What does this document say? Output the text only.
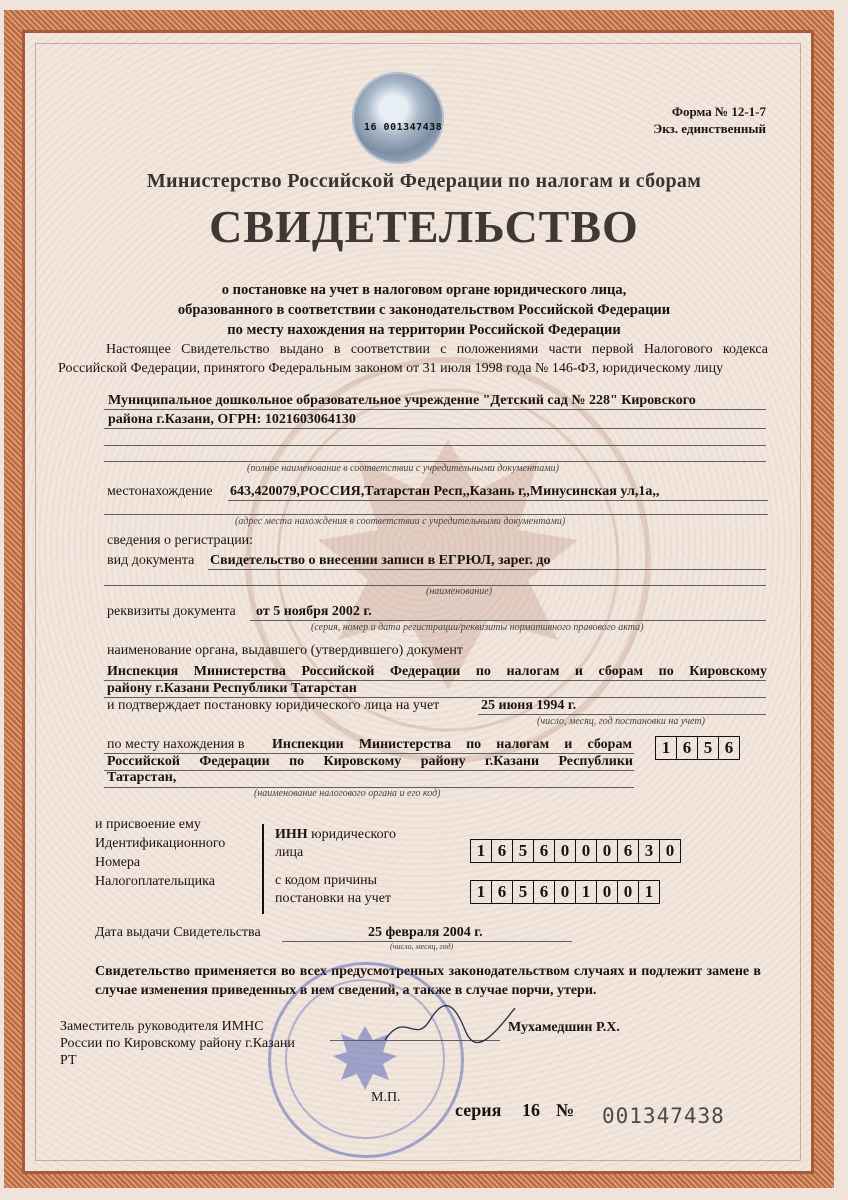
16 001347438
Форма № 12-1-7
Экз. единственный
Министерство Российской Федерации по налогам и сборам
СВИДЕТЕЛЬСТВО
о постановке на учет в налоговом органе юридического лица,
образованного в соответствии с законодательством Российской Федерации
по месту нахождения на территории Российской Федерации
Настоящее Свидетельство выдано в соответствии с положениями части первой Налогового кодекса Российской Федерации, принятого Федеральным законом от 31 июля 1998 года № 146-ФЗ, юридическому лицу
Муниципальное дошкольное образовательное учреждение "Детский сад № 228" Кировского
района г.Казани, ОГРН: 1021603064130
(полное наименование в соответствии с учредительными документами)
местонахождение 643,420079,РОССИЯ,Татарстан Респ,,Казань г,,Минусинская ул,1а,,
(адрес места нахождения в соответствии с учредительными документами)
сведения о регистрации:
вид документа Свидетельство о внесении записи в ЕГРЮЛ, зарег. до
(наименование)
реквизиты документа от 5 ноября 2002 г.
(серия, номер и дата регистрации/реквизиты нормативного правового акта)
наименование органа, выдавшего (утвердившего) документ
Инспекция Министерства Российской Федерации по налогам и сборам по Кировскому
району г.Казани Республики Татарстан
и подтверждает постановку юридического лица на учет	25 июня 1994 г.
(число, месяц, год постановки на учет)
по месту нахождения в Инспекции Министерства по налогам и сборам
Российской Федерации по Кировскому району г.Казани Республики
Татарстан,
(наименование налогового органа и его код)
1 6 5 6
и присвоение ему
Идентификационного
Номера
Налогоплательщика
ИНН юридического
лица	1 6 5 6 0 0 0 6 3 0
с кодом причины
постановки на учет	1 6 5 6 0 1 0 0 1
Дата выдачи Свидетельства	25 февраля 2004 г.
(число, месяц, год)
Свидетельство применяется во всех предусмотренных законодательством случаях и подлежит замене в случае изменения приведенных в нем сведений, а также в случае порчи, утери.
Заместитель руководителя ИМНС
России по Кировскому району г.Казани
РТ
Мухамедшин Р.Х.
М.П.
серия 16 № 001347438
